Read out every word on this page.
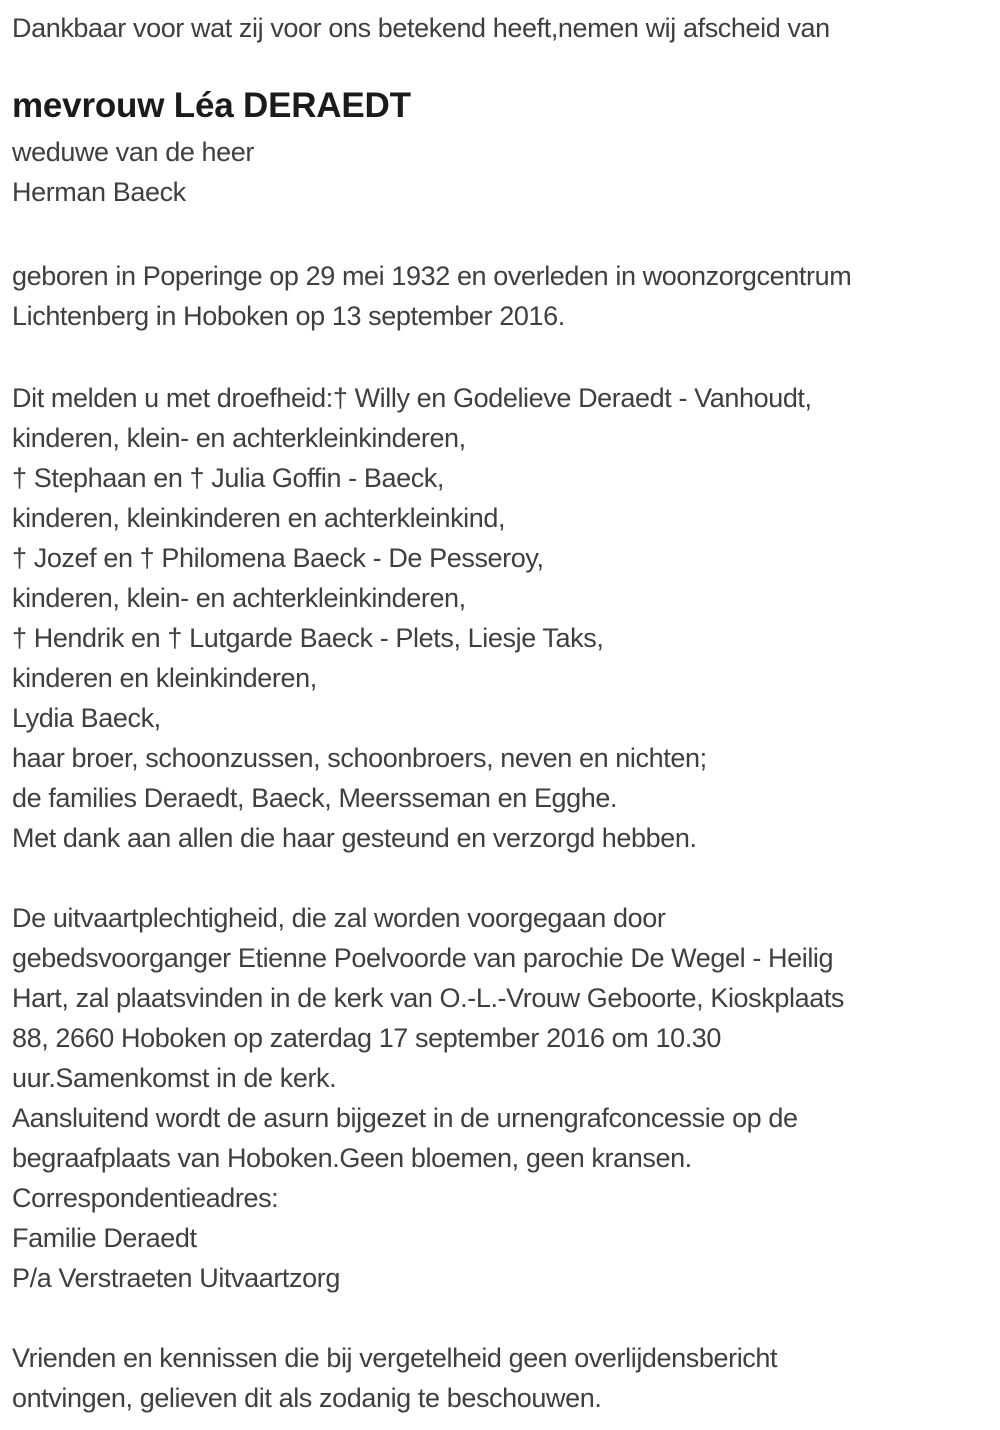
Dankbaar voor wat zij voor ons betekend heeft,nemen wij afscheid van
mevrouw Léa DERAEDT
weduwe van de heer
Herman Baeck
geboren in Poperinge op 29 mei 1932 en overleden in woonzorgcentrum
Lichtenberg in Hoboken op 13 september 2016.
Dit melden u met droefheid:† Willy en Godelieve Deraedt - Vanhoudt,
kinderen, klein- en achterkleinkinderen,
† Stephaan en † Julia Goffin - Baeck,
kinderen, kleinkinderen en achterkleinkind,
† Jozef en † Philomena Baeck - De Pesseroy,
kinderen, klein- en achterkleinkinderen,
† Hendrik en † Lutgarde Baeck - Plets, Liesje Taks,
kinderen en kleinkinderen,
Lydia Baeck,
haar broer, schoonzussen, schoonbroers, neven en nichten;
de families Deraedt, Baeck, Meersseman en Egghe.
Met dank aan allen die haar gesteund en verzorgd hebben.
De uitvaartplechtigheid, die zal worden voorgegaan door
gebedsvoorganger Etienne Poelvoorde van parochie De Wegel - Heilig
Hart, zal plaatsvinden in de kerk van O.-L.-Vrouw Geboorte, Kioskplaats
88, 2660 Hoboken op zaterdag 17 september 2016 om 10.30
uur.Samenkomst in de kerk.
Aansluitend wordt de asurn bijgezet in de urnengrafconcessie op de
begraafplaats van Hoboken.Geen bloemen, geen kransen.
Correspondentieadres:
Familie Deraedt
P/a Verstraeten Uitvaartzorg
Vrienden en kennissen die bij vergetelheid geen overlijdensbericht
ontvingen, gelieven dit als zodanig te beschouwen.
